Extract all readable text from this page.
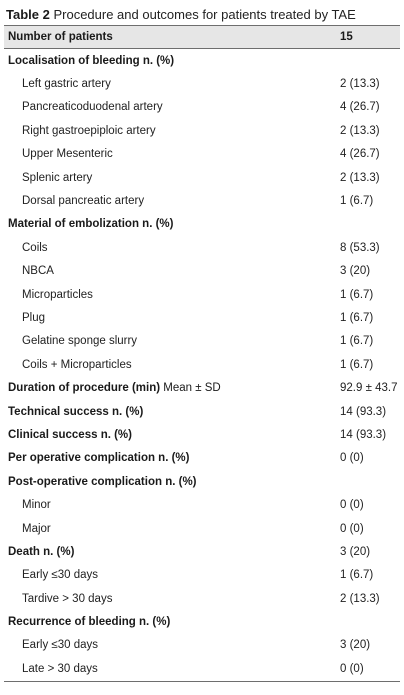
Table 2 Procedure and outcomes for patients treated by TAE
Number of patients	15
Localisation of bleeding n. (%)
Left gastric artery	2 (13.3)
Pancreaticoduodenal artery	4 (26.7)
Right gastroepiploic artery	2 (13.3)
Upper Mesenteric	4 (26.7)
Splenic artery	2 (13.3)
Dorsal pancreatic artery	1 (6.7)
Material of embolization n. (%)
Coils	8 (53.3)
NBCA	3 (20)
Microparticles	1 (6.7)
Plug	1 (6.7)
Gelatine sponge slurry	1 (6.7)
Coils + Microparticles	1 (6.7)
Duration of procedure (min) Mean ± SD	92.9 ± 43.7
Technical success n. (%)	14 (93.3)
Clinical success n. (%)	14 (93.3)
Per operative complication n. (%)	0 (0)
Post-operative complication n. (%)
Minor	0 (0)
Major	0 (0)
Death n. (%)	3 (20)
Early ≤30 days	1 (6.7)
Tardive > 30 days	2 (13.3)
Recurrence of bleeding n. (%)
Early ≤30 days	3 (20)
Late > 30 days	0 (0)
